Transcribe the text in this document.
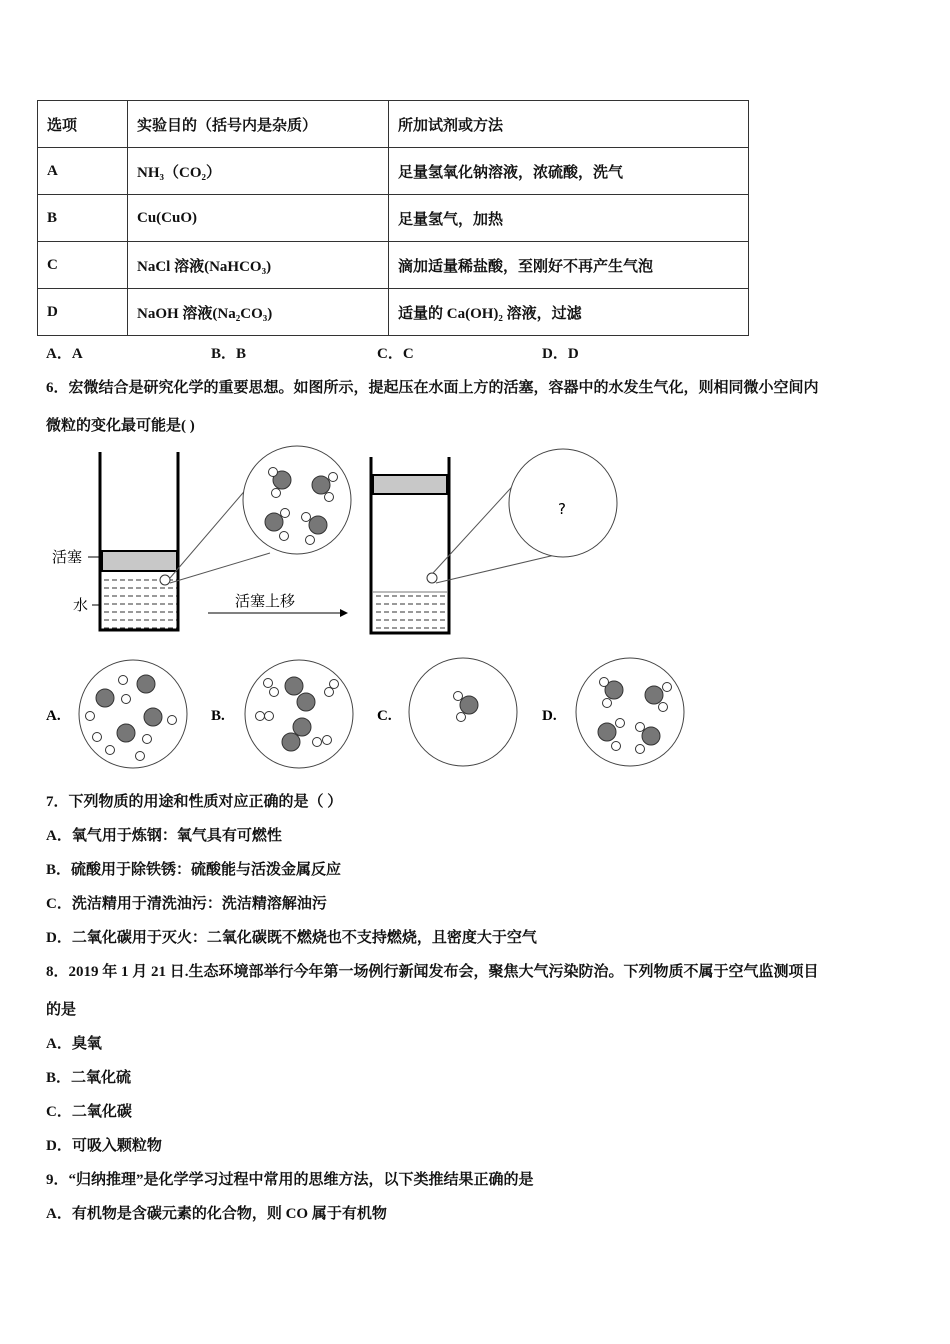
选项	实验目的（括号内是杂质）	所加试剂或方法
A	NH₃（CO₂）	足量氢氧化钠溶液，浓硫酸，洗气
B	Cu(CuO)	足量氢气，加热
C	NaCl 溶液(NaHCO₃)	滴加适量稀盐酸，至刚好不再产生气泡
D	NaOH 溶液(Na₂CO₃)	适量的 Ca(OH)₂ 溶液，过滤
A．A	B．B	C．C	D．D
6．宏微结合是研究化学的重要思想。如图所示，提起压在水面上方的活塞，容器中的水发生气化，则相同微小空间内
微粒的变化最可能是( )
活塞
水	活塞上移
?
A.	B.	C.	D.
7．下列物质的用途和性质对应正确的是（ ）
A．氧气用于炼钢：氧气具有可燃性
B．硫酸用于除铁锈：硫酸能与活泼金属反应
C．洗洁精用于清洗油污：洗洁精溶解油污
D．二氧化碳用于灭火：二氧化碳既不燃烧也不支持燃烧，且密度大于空气
8．2019 年 1 月 21 日.生态环境部举行今年第一场例行新闻发布会，聚焦大气污染防治。下列物质不属于空气监测项目
的是
A．臭氧
B．二氧化硫
C．二氧化碳
D．可吸入颗粒物
9．“归纳推理”是化学学习过程中常用的思维方法，以下类推结果正确的是
A．有机物是含碳元素的化合物，则 CO 属于有机物
